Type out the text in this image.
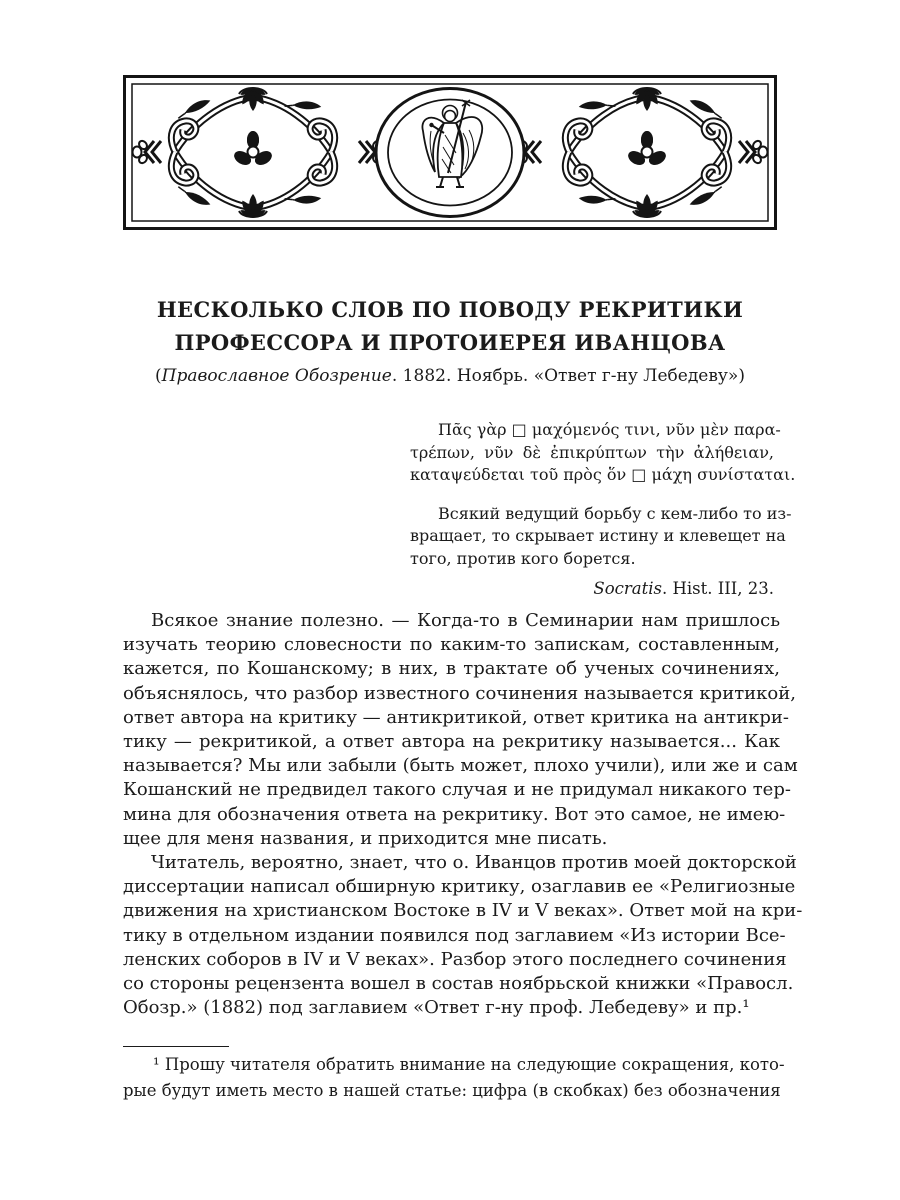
НЕСКОЛЬКО СЛОВ ПО ПОВОДУ РЕКРИТИКИ
ПРОФЕССОРА И ПРОТОИЕРЕЯ ИВАНЦОВА
(Православное Обозрение. 1882. Ноябрь. «Ответ г-ну Лебедеву»)
Πᾶς γὰρ □ μαχόμενός τινι, νῦν μὲν παρα-
τρέπων, νῦν δὲ ἐπικρύπτων τὴν ἀλήθειαν,
καταψεύδεται τοῦ πρὸς ὅν □ μάχη συνίσταται.
Всякий ведущий борьбу с кем-либо то из-
вращает, то скрывает истину и клевещет на
того, против кого борется.
Socratis. Hist. III, 23.
Всякое знание полезно. — Когда-то в Семинарии нам пришлось
изучать теорию словесности по каким-то запискам, составленным,
кажется, по Кошанскому; в них, в трактате об ученых сочинениях,
объяснялось, что разбор известного сочинения называется критикой,
ответ автора на критику — антикритикой, ответ критика на антикри-
тику — рекритикой, а ответ автора на рекритику называется... Как
называется? Мы или забыли (быть может, плохо учили), или же и сам
Кошанский не предвидел такого случая и не придумал никакого тер-
мина для обозначения ответа на рекритику. Вот это самое, не имею-
щее для меня названия, и приходится мне писать.
Читатель, вероятно, знает, что о. Иванцов против моей докторской
диссертации написал обширную критику, озаглавив ее «Религиозные
движения на христианском Востоке в IV и V веках». Ответ мой на кри-
тику в отдельном издании появился под заглавием «Из истории Все-
ленских соборов в IV и V веках». Разбор этого последнего сочинения
со стороны рецензента вошел в состав ноябрьской книжки «Правосл.
Обозр.» (1882) под заглавием «Ответ г-ну проф. Лебедеву» и пр.¹
¹ Прошу читателя обратить внимание на следующие сокращения, кото-
рые будут иметь место в нашей статье: цифра (в скобках) без обозначения
